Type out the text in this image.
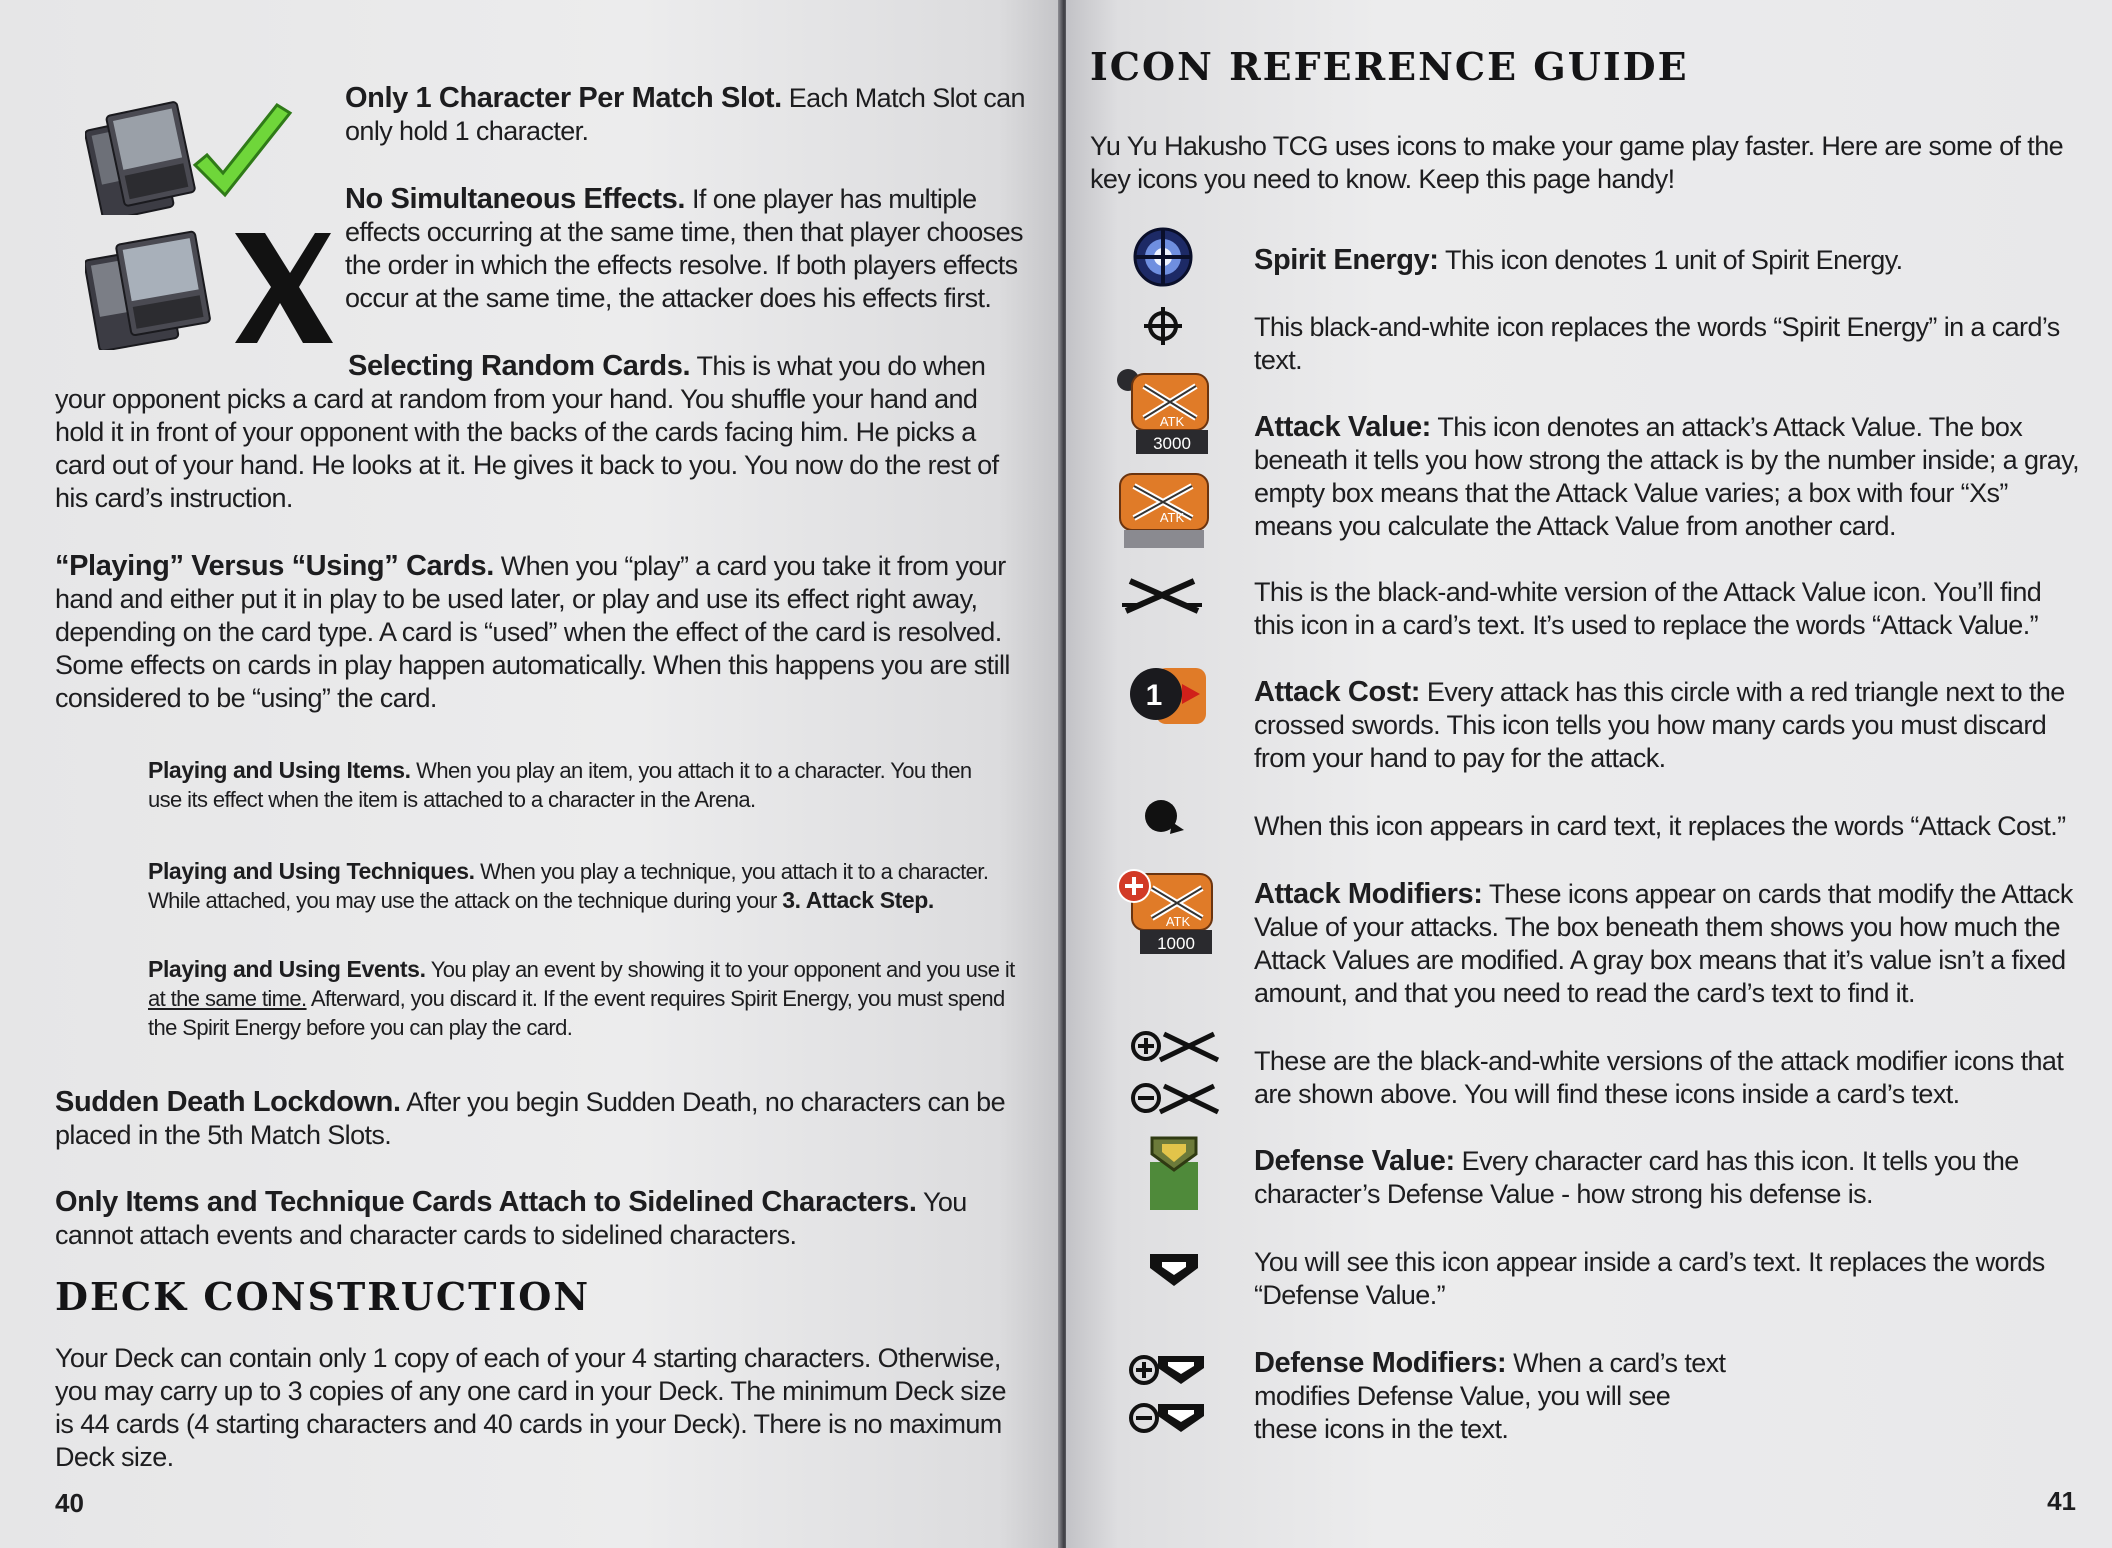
Only 1 Character Per Match Slot. Each Match Slot can only hold 1 character.
No Simultaneous Effects. If one player has multiple effects occurring at the same time, then that player chooses the order in which the effects resolve. If both players effects occur at the same time, the attacker does his effects first.
Selecting Random Cards. This is what you do when your opponent picks a card at random from your hand. You shuffle your hand and hold it in front of your opponent with the backs of the cards facing him. He picks a card out of your hand. He looks at it. He gives it back to you. You now do the rest of his card’s instruction.
“Playing” Versus “Using” Cards. When you “play” a card you take it from your hand and either put it in play to be used later, or play and use its effect right away, depending on the card type. A card is “used” when the effect of the card is resolved. Some effects on cards in play happen automatically. When this happens you are still considered to be “using” the card.
Playing and Using Items. When you play an item, you attach it to a character. You then use its effect when the item is attached to a character in the Arena.
Playing and Using Techniques. When you play a technique, you attach it to a character. While attached, you may use the attack on the technique during your 3. Attack Step.
Playing and Using Events. You play an event by showing it to your opponent and you use it at the same time. Afterward, you discard it. If the event requires Spirit Energy, you must spend the Spirit Energy before you can play the card.
Sudden Death Lockdown. After you begin Sudden Death, no characters can be placed in the 5th Match Slots.
Only Items and Technique Cards Attach to Sidelined Characters. You cannot attach events and character cards to sidelined characters.
DECK CONSTRUCTION
Your Deck can contain only 1 copy of each of your 4 starting characters. Otherwise, you may carry up to 3 copies of any one card in your Deck. The minimum Deck size is 44 cards (4 starting characters and 40 cards in your Deck). There is no maximum Deck size.
40
ICON REFERENCE GUIDE
Yu Yu Hakusho TCG uses icons to make your game play faster. Here are some of the key icons you need to know. Keep this page handy!
Spirit Energy: This icon denotes 1 unit of Spirit Energy.
This black-and-white icon replaces the words “Spirit Energy” in a card’s text.
ATK
3000
ATK
Attack Value: This icon denotes an attack’s Attack Value. The box beneath it tells you how strong the attack is by the number inside; a gray, empty box means that the Attack Value varies; a box with four “Xs” means you calculate the Attack Value from another card.
This is the black-and-white version of the Attack Value icon. You’ll find this icon in a card’s text. It’s used to replace the words “Attack Value.”
1	Attack Cost: Every attack has this circle with a red triangle next to the crossed swords. This icon tells you how many cards you must discard from your hand to pay for the attack.
When this icon appears in card text, it replaces the words “Attack Cost.”
ATK
1000
Attack Modifiers: These icons appear on cards that modify the Attack Value of your attacks. The box beneath them shows you how much the Attack Values are modified. A gray box means that it’s value isn’t a fixed amount, and that you need to read the card’s text to find it.
These are the black-and-white versions of the attack modifier icons that are shown above. You will find these icons inside a card’s text.
Defense Value: Every character card has this icon. It tells you the character’s Defense Value - how strong his defense is.
You will see this icon appear inside a card’s text. It replaces the words “Defense Value.”
Defense Modifiers: When a card’s text modifies Defense Value, you will see these icons in the text.
41
